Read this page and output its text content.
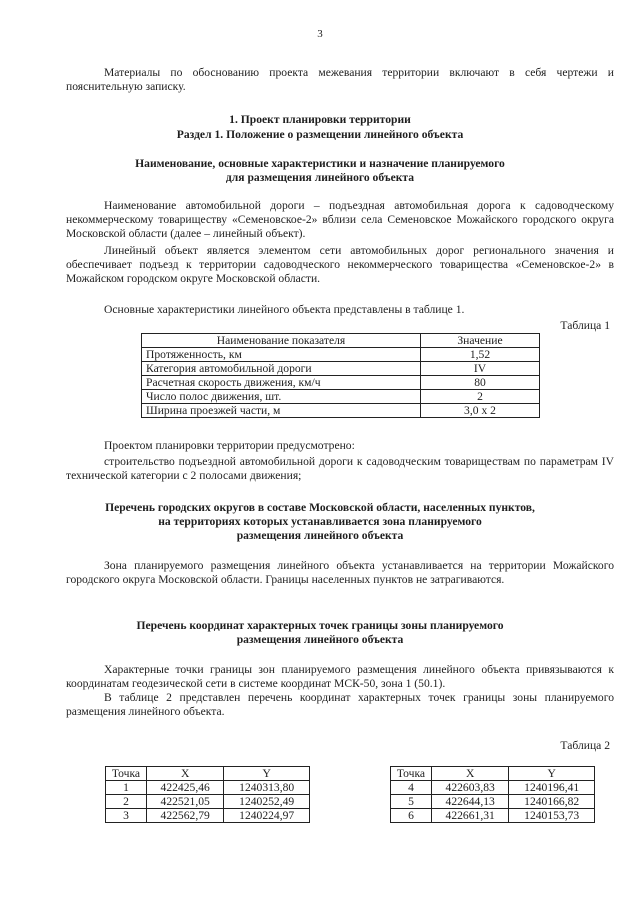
3
Материалы по обоснованию проекта межевания территории включают в себя чертежи и пояснительную записку.
1. Проект планировки территории
Раздел 1. Положение о размещении линейного объекта
Наименование, основные характеристики и назначение планируемого
для размещения линейного объекта
Наименование автомобильной дороги – подъездная автомобильная дорога к садоводческому некоммерческому товариществу «Семеновское-2» вблизи села Семеновское Можайского городского округа Московской области (далее – линейный объект).
Линейный объект является элементом сети автомобильных дорог регионального значения и обеспечивает подъезд к территории садоводческого некоммерческого товарищества «Семеновское-2» в Можайском городском округе Московской области.
Основные характеристики линейного объекта представлены в таблице 1.
Таблица 1
Наименование показателя	Значение
Протяженность, км	1,52
Категория автомобильной дороги	IV
Расчетная скорость движения, км/ч	80
Число полос движения, шт.	2
Ширина проезжей части, м	3,0 х 2
Проектом планировки территории предусмотрено:
строительство подъездной автомобильной дороги к садоводческим товариществам по параметрам IV технической категории с 2 полосами движения;
Перечень городских округов в составе Московской области, населенных пунктов,
на территориях которых устанавливается зона планируемого
размещения линейного объекта
Зона планируемого размещения линейного объекта устанавливается на территории Можайского городского округа Московской области. Границы населенных пунктов не затрагиваются.
Перечень координат характерных точек границы зоны планируемого
размещения линейного объекта
Характерные точки границы зон планируемого размещения линейного объекта привязываются к координатам геодезической сети в системе координат МСК-50, зона 1 (50.1).
В таблице 2 представлен перечень координат характерных точек границы зоны планируемого размещения линейного объекта.
Таблица 2
Точка	X	Y
1	422425,46	1240313,80
2	422521,05	1240252,49
3	422562,79	1240224,97
Точка	X	Y
4	422603,83	1240196,41
5	422644,13	1240166,82
6	422661,31	1240153,73
